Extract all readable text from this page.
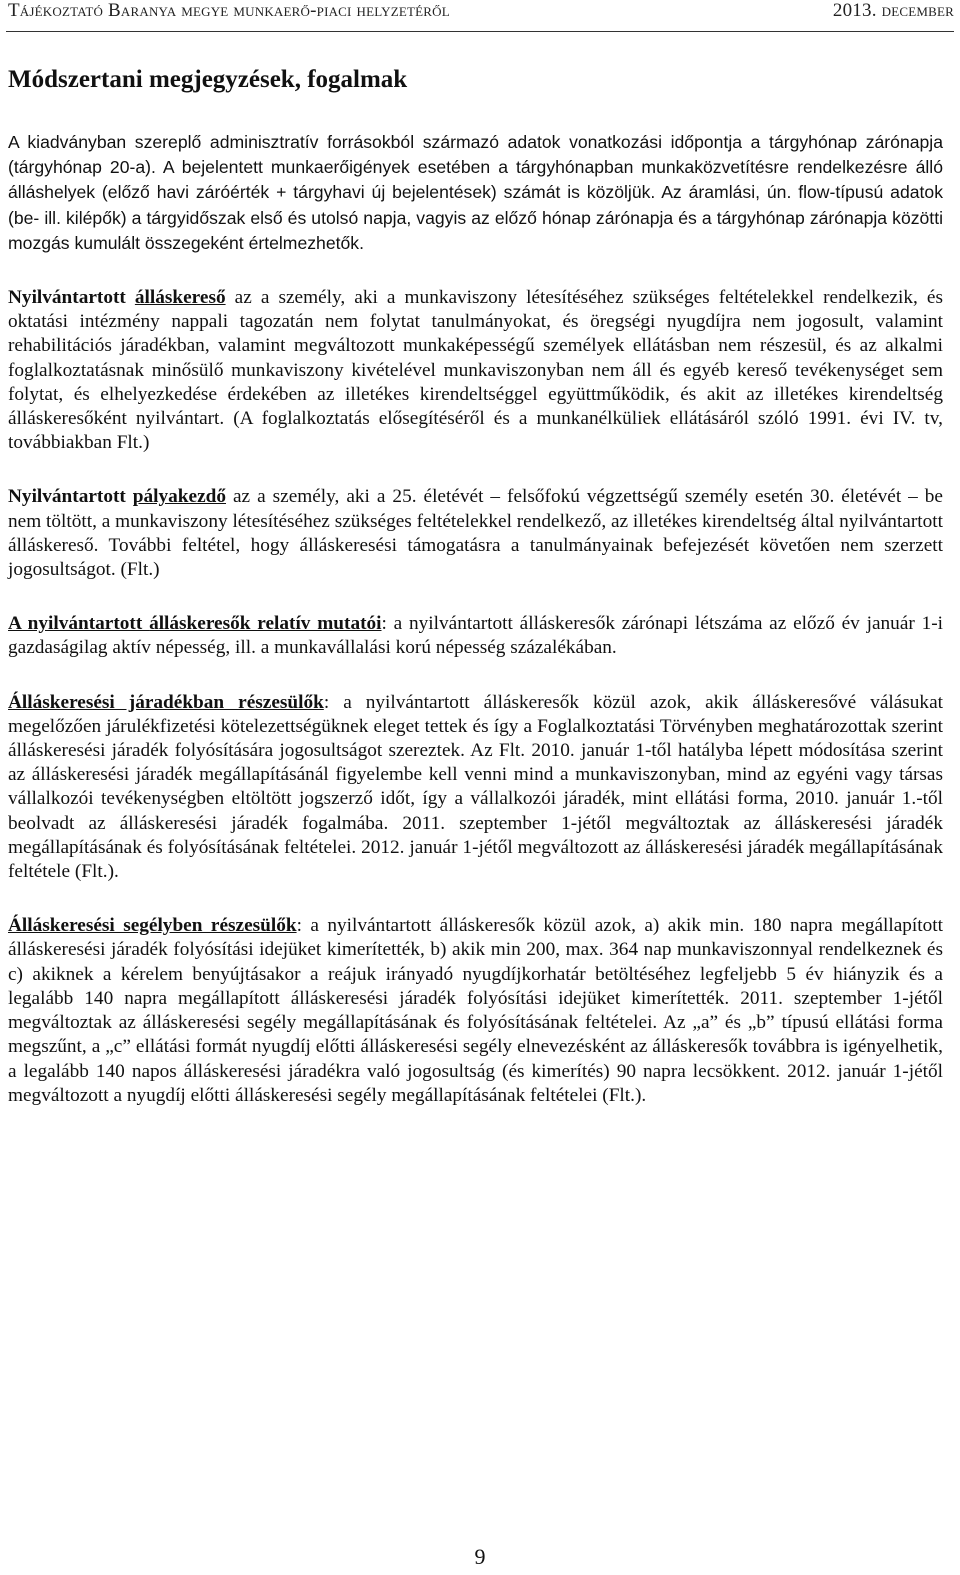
Tájékoztató Baranya megye munkaerő-piaci helyzetéről	2013. december
Módszertani megjegyzések, fogalmak

A kiadványban szereplő adminisztratív forrásokból származó adatok vonatkozási időpontja a tárgyhónap zárónapja (tárgyhónap 20-a). A bejelentett munkaerőigények esetében a tárgyhónapban munkaközvetítésre rendelkezésre álló álláshelyek (előző havi záróérték + tárgyhavi új bejelentések) számát is közöljük. Az áramlási, ún. flow-típusú adatok (be- ill. kilépők) a tárgyidőszak első és utolsó napja, vagyis az előző hónap zárónapja és a tárgyhónap zárónapja közötti mozgás kumulált összegeként értelmezhetők.

Nyilvántartott álláskereső az a személy, aki a munkaviszony létesítéséhez szükséges feltételekkel rendelkezik, és oktatási intézmény nappali tagozatán nem folytat tanulmányokat, és öregségi nyugdíjra nem jogosult, valamint rehabilitációs járadékban, valamint megváltozott munkaképességű személyek ellátásban nem részesül, és az alkalmi foglalkoztatásnak minősülő munkaviszony kivételével munkaviszonyban nem áll és egyéb kereső tevékenységet sem folytat, és elhelyezkedése érdekében az illetékes kirendeltséggel együttműködik, és akit az illetékes kirendeltség álláskeresőként nyilvántart. (A foglalkoztatás elősegítéséről és a munkanélküliek ellátásáról szóló 1991. évi IV. tv, továbbiakban Flt.)

Nyilvántartott pályakezdő az a személy, aki a 25. életévét – felsőfokú végzettségű személy esetén 30. életévét – be nem töltött, a munkaviszony létesítéséhez szükséges feltételekkel rendelkező, az illetékes kirendeltség által nyilvántartott álláskereső. További feltétel, hogy álláskeresési támogatásra a tanulmányainak befejezését követően nem szerzett jogosultságot. (Flt.)

A nyilvántartott álláskeresők relatív mutatói: a nyilvántartott álláskeresők zárónapi létszáma az előző év január 1-i gazdaságilag aktív népesség, ill. a munkavállalási korú népesség százalékában.

Álláskeresési járadékban részesülők: a nyilvántartott álláskeresők közül azok, akik álláskeresővé válásukat megelőzően járulékfizetési kötelezettségüknek eleget tettek és így a Foglalkoztatási Törvényben meghatározottak szerint álláskeresési járadék folyósítására jogosultságot szereztek. Az Flt. 2010. január 1-től hatályba lépett módosítása szerint az álláskeresési járadék megállapításánál figyelembe kell venni mind a munkaviszonyban, mind az egyéni vagy társas vállalkozói tevékenységben eltöltött jogszerző időt, így a vállalkozói járadék, mint ellátási forma, 2010. január 1.-től beolvadt az álláskeresési járadék fogalmába. 2011. szeptember 1-jétől megváltoztak az álláskeresési járadék megállapításának és folyósításának feltételei. 2012. január 1-jétől megváltozott az álláskeresési járadék megállapításának feltétele (Flt.).

Álláskeresési segélyben részesülők: a nyilvántartott álláskeresők közül azok, a) akik min. 180 napra megállapított álláskeresési járadék folyósítási idejüket kimerítették, b) akik min 200, max. 364 nap munkaviszonnyal rendelkeznek és c) akiknek a kérelem benyújtásakor a reájuk irányadó nyugdíjkorhatár betöltéséhez legfeljebb 5 év hiányzik és a legalább 140 napra megállapított álláskeresési járadék folyósítási idejüket kimerítették. 2011. szeptember 1-jétől megváltoztak az álláskeresési segély megállapításának és folyósításának feltételei. Az „a” és „b” típusú ellátási forma megszűnt, a „c” ellátási formát nyugdíj előtti álláskeresési segély elnevezésként az álláskeresők továbbra is igényelhetik, a legalább 140 napos álláskeresési járadékra való jogosultság (és kimerítés) 90 napra lecsökkent. 2012. január 1-jétől megváltozott a nyugdíj előtti álláskeresési segély megállapításának feltételei (Flt.).

9
